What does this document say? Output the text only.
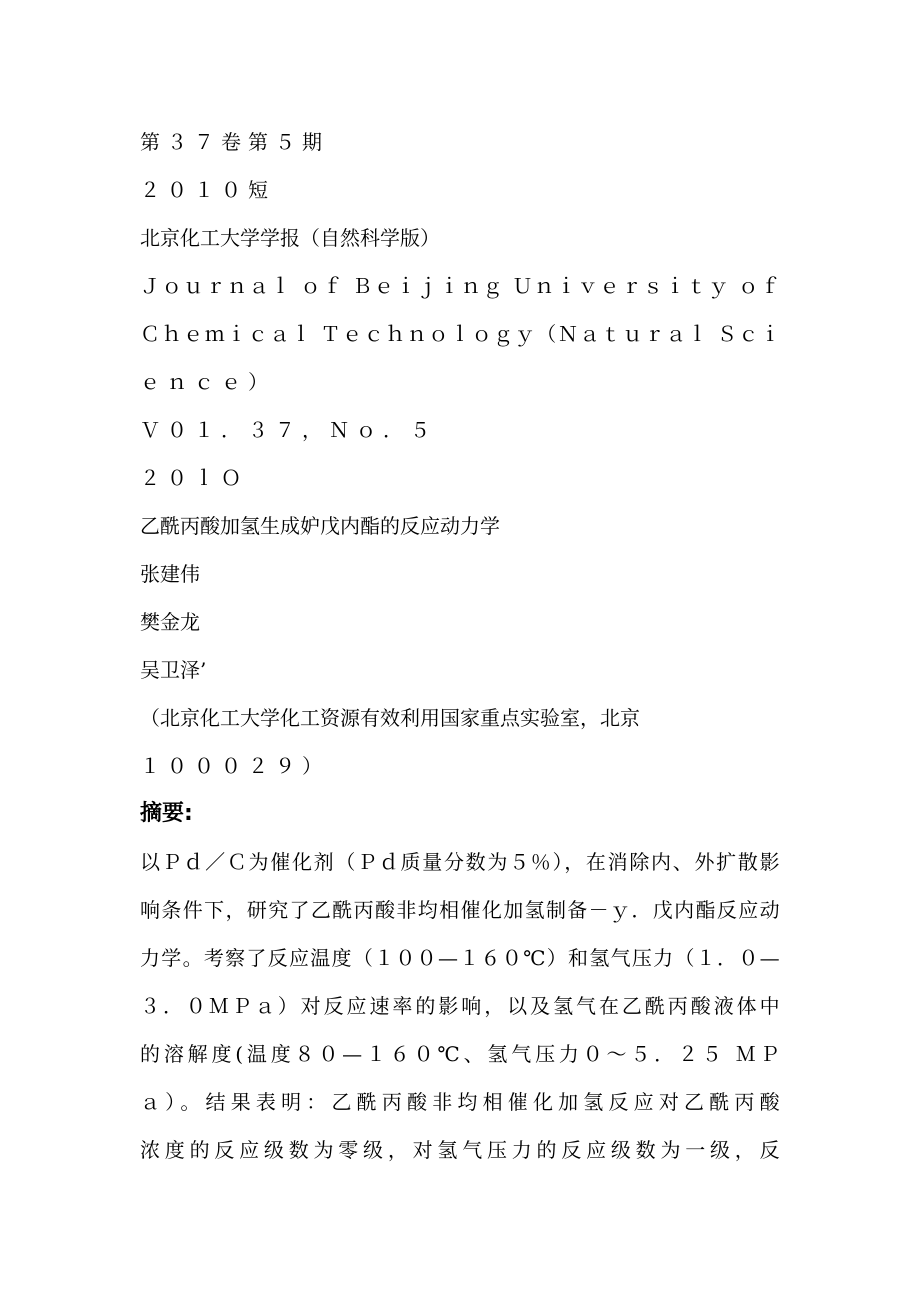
第３７卷第５期
２０１０短
北京化工大学学报（自然科学版）
Ｊｏｕｒｎａｌ ｏｆ Ｂｅｉｊｉｎｇ Ｕｎｉｖｅｒｓｉｔｙ ｏｆ
Ｃｈｅｍｉｃａｌ Ｔｅｃｈｎｏｌｏｇｙ（Ｎａｔｕｒａｌ Ｓｃｉ
ｅｎｃｅ）
Ｖ０１．３７，Ｎｏ．５
２０ｌＯ
乙酰丙酸加氢生成妒戊内酯的反应动力学
张建伟
樊金龙
吴卫泽’
（北京化工大学化工资源有效利用国家重点实验室，北京
１０００２９）
摘要:
以Ｐｄ／Ｃ为催化剂（Ｐｄ质量分数为５％），在消除内、外扩散影
响条件下，研究了乙酰丙酸非均相催化加氢制备－ｙ．戊内酯反应动
力学。考察了反应温度（１００—１６０℃）和氢气压力（１．０—
３．０ＭＰａ）对反应速率的影响，以及氢气在乙酰丙酸液体中
的溶解度(温度８０—１６０℃、氢气压力０～５．２５ ＭＰ
ａ）。结果表明：乙酰丙酸非均相催化加氢反应对乙酰丙酸
浓度的反应级数为零级，对氢气压力的反应级数为一级，反
